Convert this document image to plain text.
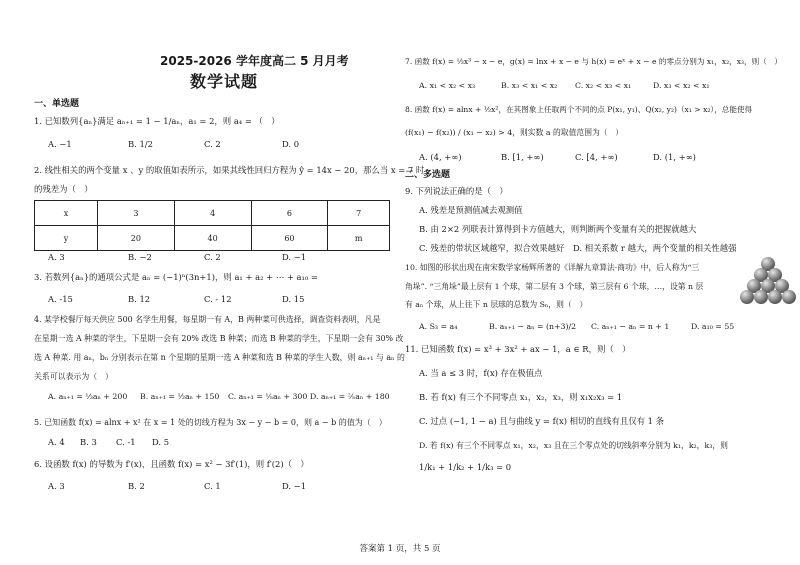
2025-2026 学年度高二 5 月月考
数学试题
一、单选题
1. 已知数列{aₙ}满足 aₙ₊₁ = 1 − 1/aₙ，a₁ = 2，则 a₄ = （　）
A. −1	B. 1/2	C. 2	D. 0
2. 线性相关的两个变量 x 、y 的取值如表所示，如果其线性回归方程为 ŷ = 14x − 20，那么当 x = 7 时
的残差为（　）
x	3	4	6	7
y	20	40	60	m
A. 3	B. −2	C. 2	D. −1
3. 若数列{aₙ}的通项公式是 aₙ = (−1)ⁿ(3n+1)，则 a₁ + a₂ + ⋯ + a₁₀ =
A. -15	B. 12	C. - 12	D. 15
4. 某学校餐厅每天供应 500 名学生用餐，每星期一有 A，B 两种菜可供选择，调查资料表明，凡是
在星期一选 A 种菜的学生，下星期一会有 20% 改选 B 种菜；而选 B 种菜的学生，下星期一会有 30% 改
选 A 种菜. 用 aₙ，bₙ 分别表示在第 n 个星期的星期一选 A 种菜和选 B 种菜的学生人数，则 aₙ₊₁ 与 aₙ 的
关系可以表示为（　）
A. aₙ₊₁ = ⅓aₙ + 200 B. aₙ₊₁ = ½aₙ + 150 C. aₙ₊₁ = ⅕aₙ + 300 D. aₙ₊₁ = ⅖aₙ + 180
5. 已知函数 f(x) = alnx + x² 在 x = 1 处的切线方程为 3x − y − b = 0，则 a − b 的值为（　）
A. 4 B. 3 C. -1 D. 5
6. 设函数 f(x) 的导数为 f′(x)，且函数 f(x) = x² − 3f′(1)，则 f′(2)（　）
A. 3	B. 2	C. 1	D. −1
7. 函数 f(x) = ⅓x³ − x − e，g(x) = lnx + x − e 与 h(x) = eˣ + x − e 的零点分别为 x₁，x₂，x₃，则（　）
A. x₁ < x₂ < x₃	B. x₃ < x₁ < x₂ C. x₂ < x₃ < x₁	D. x₃ < x₂ < x₁
8. 函数 f(x) = alnx + ½x²，在其图象上任取两个不同的点 P(x₁, y₁)、Q(x₂, y₂)（x₁ > x₂），总能使得
(f(x₁) − f(x₂)) / (x₁ − x₂) > 4，则实数 a 的取值范围为（　）
A. (4, +∞)	B. [1, +∞)	C. [4, +∞)	D. (1, +∞)
二、多选题
9. 下列说法正确的是（　）
A. 残差是预测值减去观测值
B. 由 2×2 列联表计算得到卡方值越大，则判断两个变量有关的把握就越大
C. 残差的带状区域越窄，拟合效果越好 D. 相关系数 r 越大，两个变量的相关性越强
10. 如图的形状出现在南宋数学家杨辉所著的《详解九章算法·商功》中，后人称为“三
角垛”. “三角垛”最上层有 1 个球，第二层有 3 个球，第三层有 6 个球，…，设第 n 层
有 aₙ 个球，从上往下 n 层球的总数为 Sₙ，则（　）
A. S₃ = a₄	B. aₙ₊₁ − aₙ = (n+3)/2 C. aₙ₊₁ − aₙ = n + 1	D. a₁₀ = 55
11. 已知函数 f(x) = x³ + 3x² + ax − 1，a ∈ R，则（　）
A. 当 a ≤ 3 时，f(x) 存在极值点
B. 若 f(x) 有三个不同零点 x₁，x₂，x₃，则 x₁x₂x₃ = 1
C. 过点 (−1, 1 − a) 且与曲线 y = f(x) 相切的直线有且仅有 1 条
D. 若 f(x) 有三个不同零点 x₁，x₂，x₃ 且在三个零点处的切线斜率分别为 k₁，k₂，k₃，则
1/k₁ + 1/k₂ + 1/k₃ = 0
答案第 1 页，共 5 页
